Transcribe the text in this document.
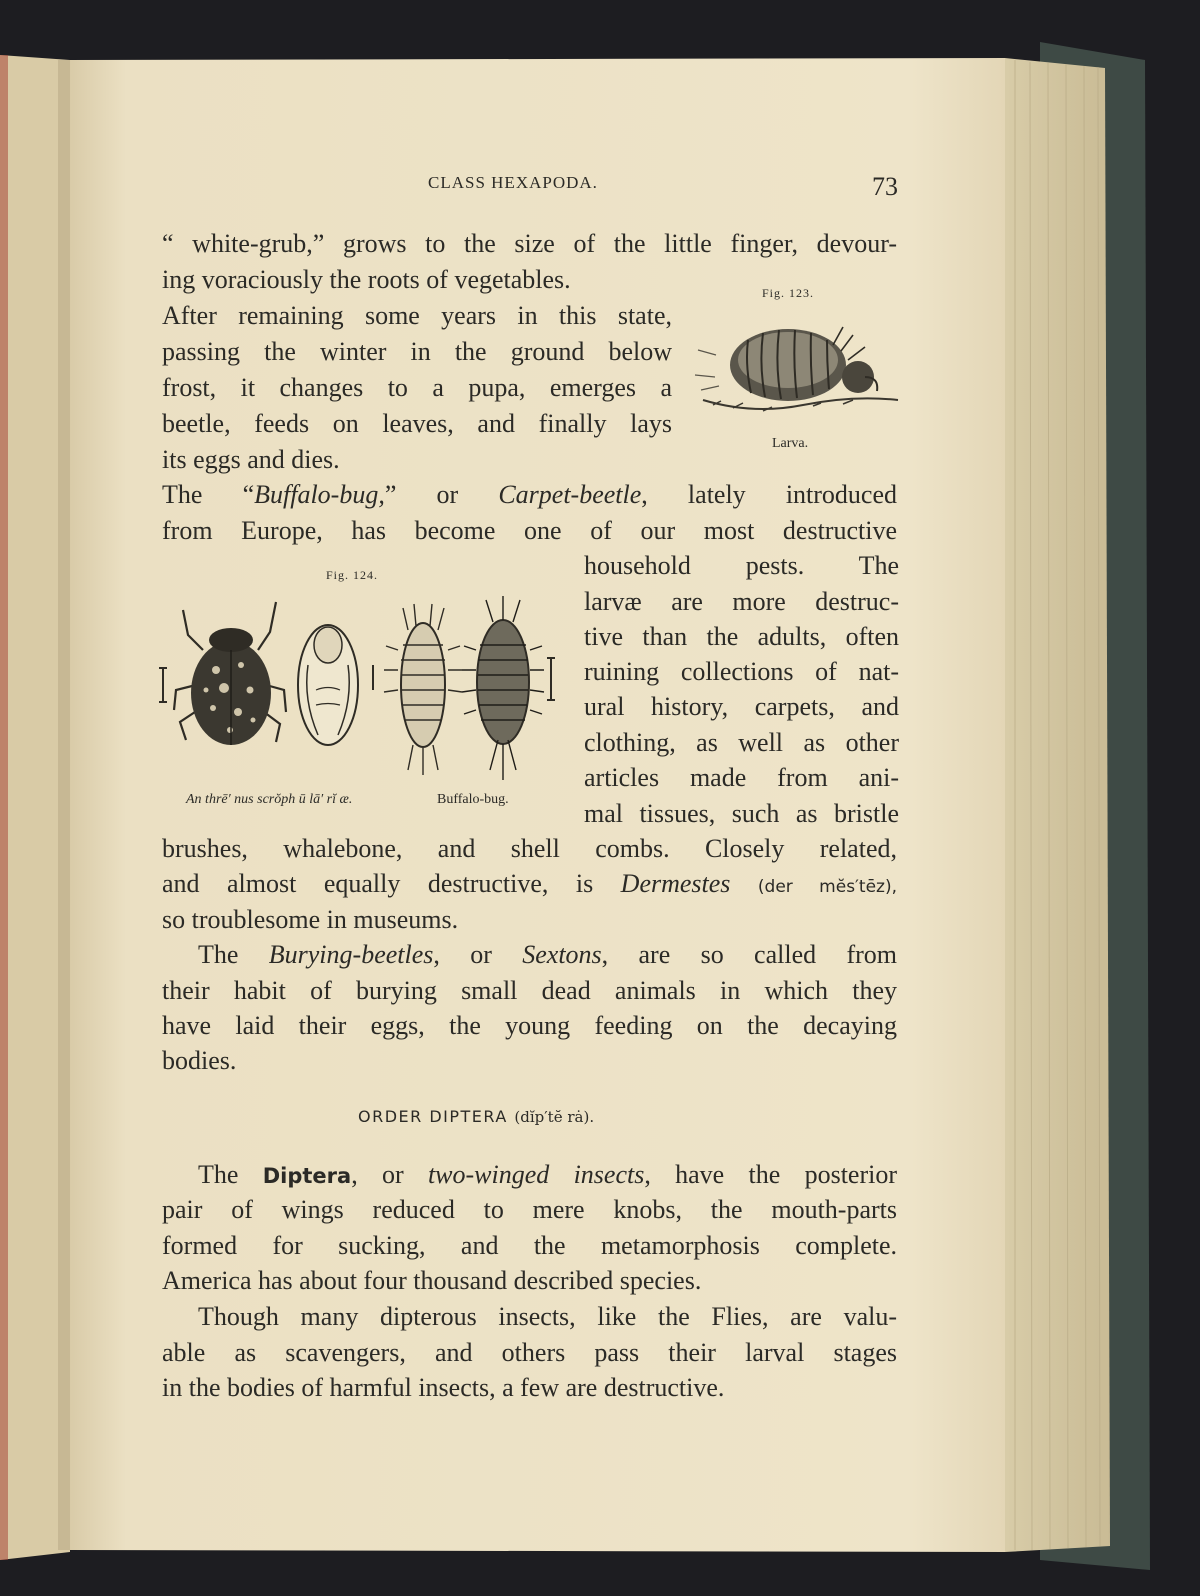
CLASS HEXAPODA.	73
“ white-grub,” grows to the size of the little finger, devour-
ing voraciously the roots of vegetables.
After remaining some years in this state,
passing the winter in the ground below
frost, it changes to a pupa, emerges a
beetle, feeds on leaves, and finally lays
its eggs and dies.
Fig. 123.
Larva.
The “Buffalo-bug,” or Carpet-beetle, lately introduced
from Europe, has become one of our most destructive
household pests. The
larvæ are more destruc-
tive than the adults, often
ruining collections of nat-
ural history, carpets, and
clothing, as well as other
articles made from ani-
mal tissues, such as bristle
Fig. 124.
An thrē′ nus scrŏph ū lā′ rĭ æ.	Buffalo-bug.
brushes, whalebone, and shell combs. Closely related,
and almost equally destructive, is Dermestes (der mĕs′tēz),
so troublesome in museums.
The Burying-beetles, or Sextons, are so called from
their habit of burying small dead animals in which they
have laid their eggs, the young feeding on the decaying
bodies.
ORDER DIPTERA (dĭp′tĕ rȧ).
The Diptera, or two-winged insects, have the posterior
pair of wings reduced to mere knobs, the mouth-parts
formed for sucking, and the metamorphosis complete.
America has about four thousand described species.
Though many dipterous insects, like the Flies, are valu-
able as scavengers, and others pass their larval stages
in the bodies of harmful insects, a few are destructive.
